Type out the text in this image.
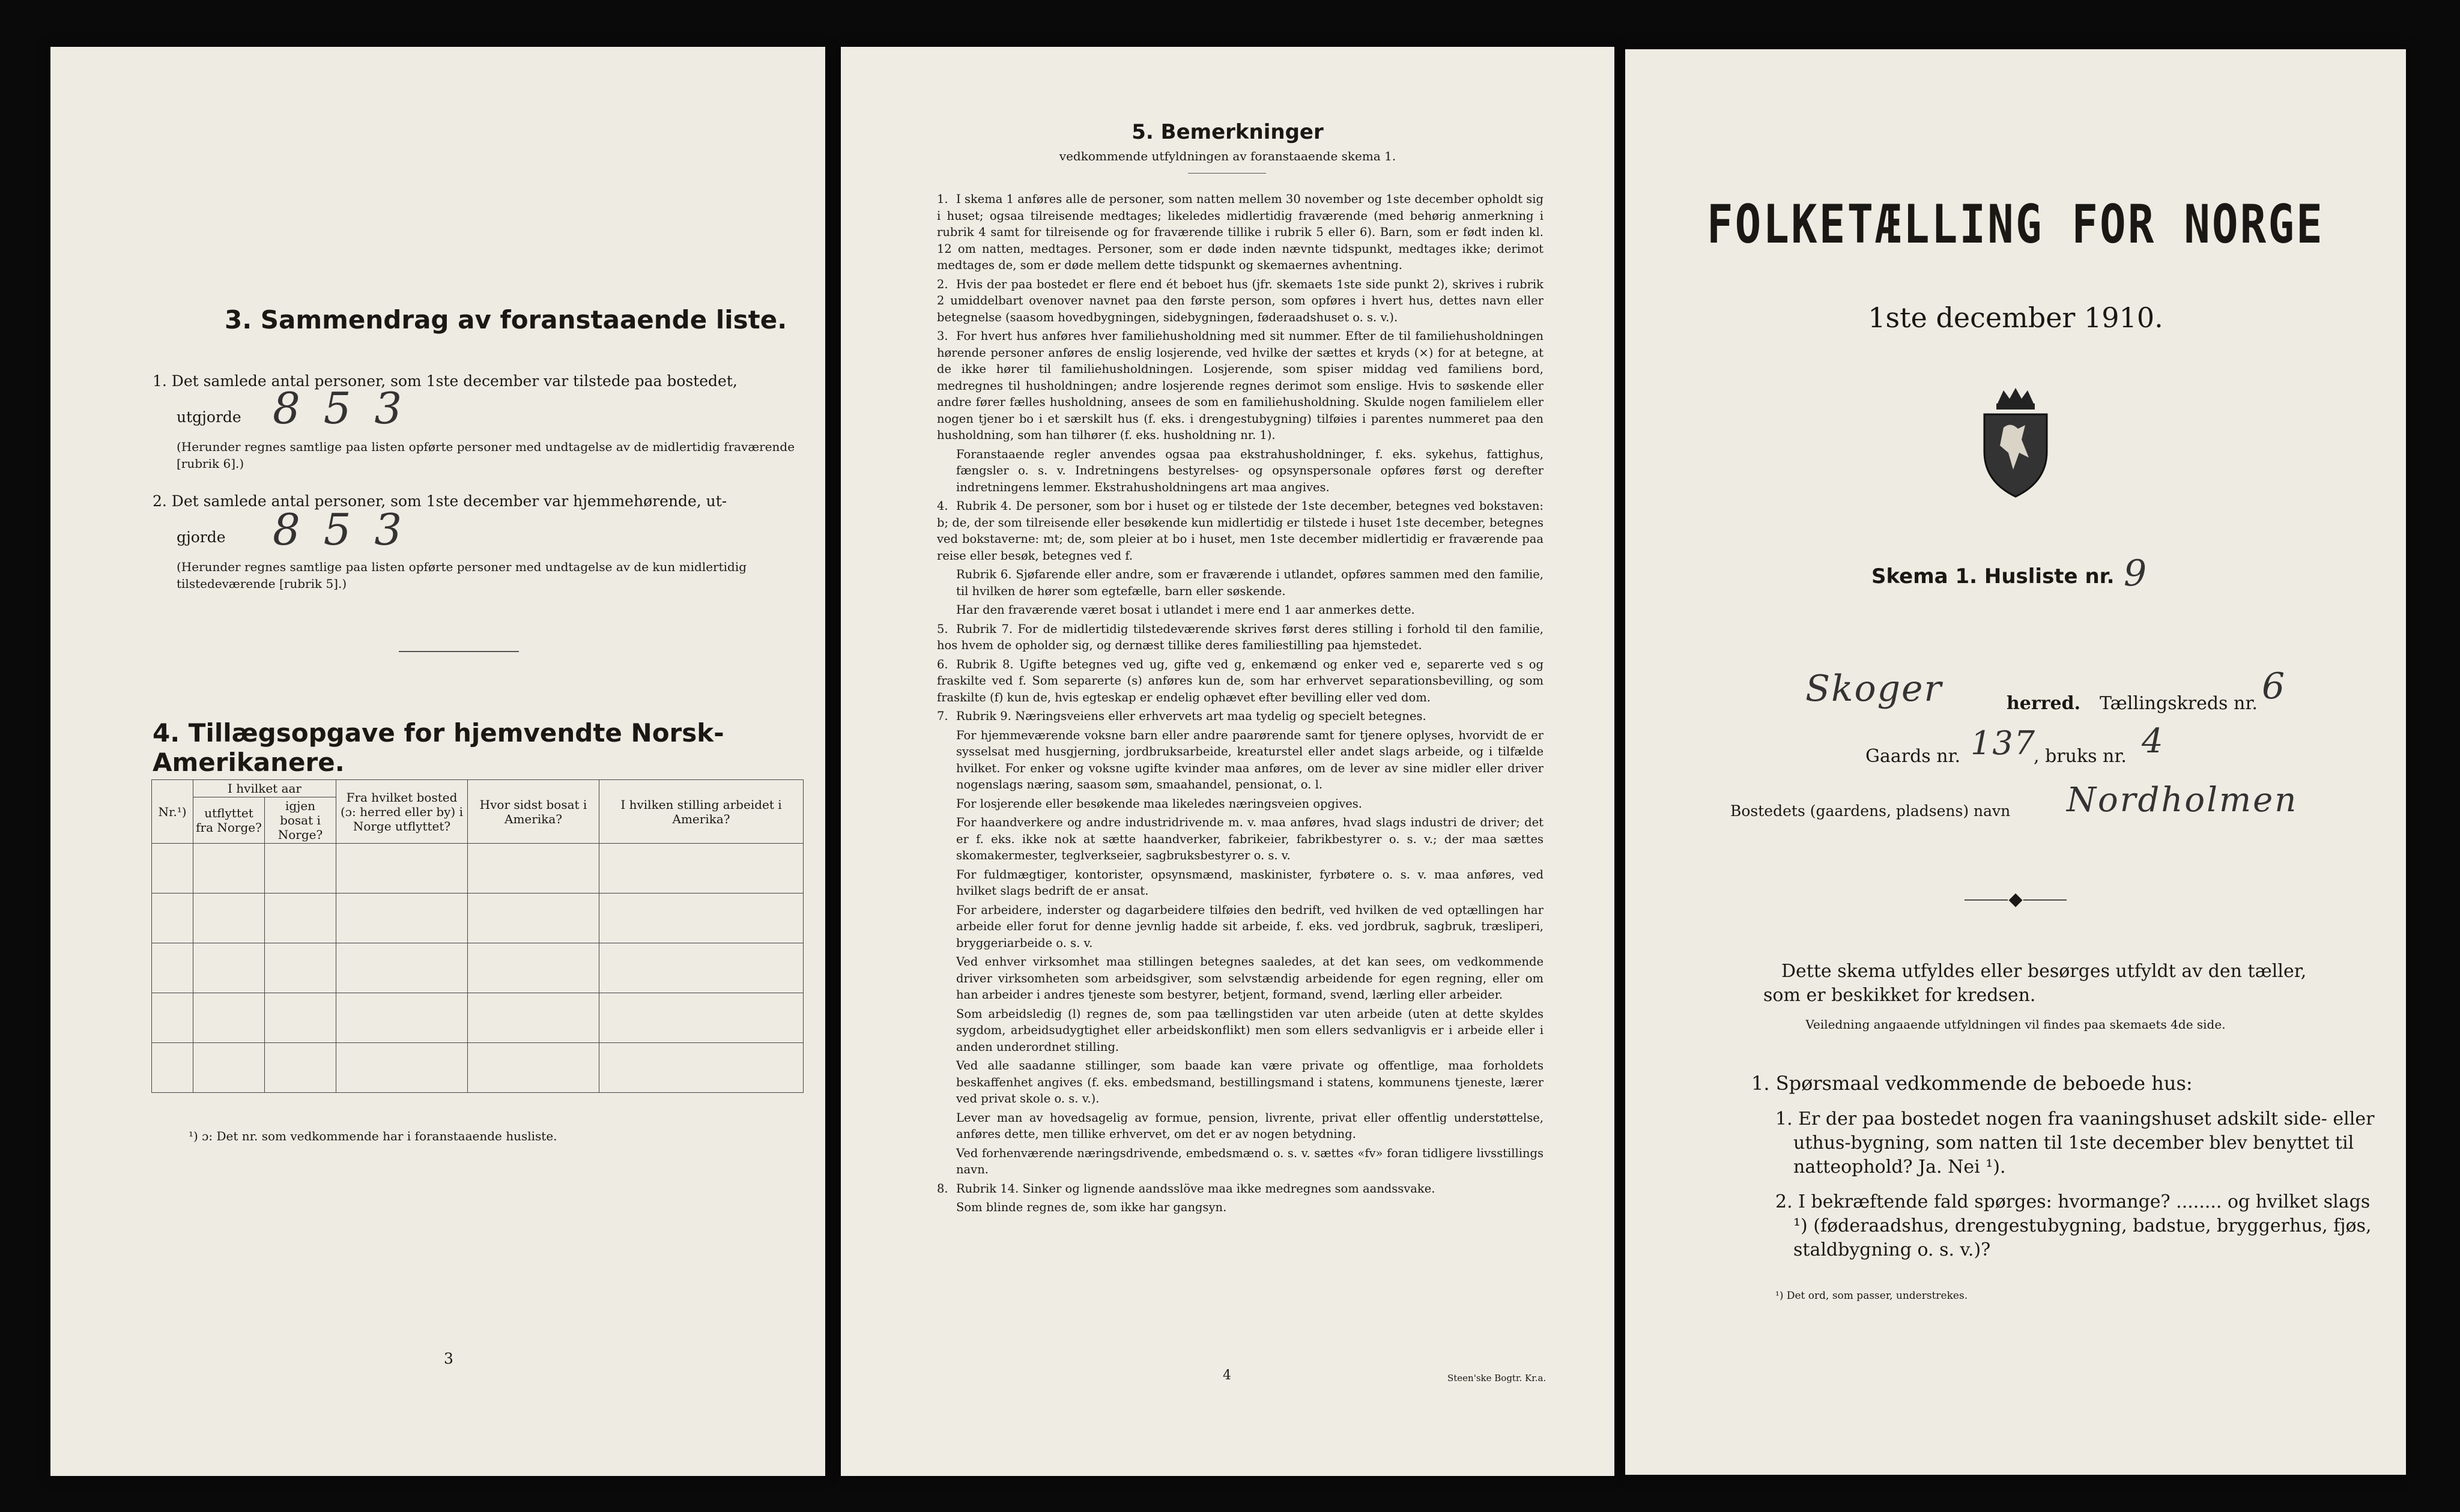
3. Sammendrag av foranstaaende liste.
1. Det samlede antal personer, som 1ste december var tilstede paa bostedet,
utgjorde 8 5 3
(Herunder regnes samtlige paa listen opførte personer med undtagelse av de midlertidig fraværende [rubrik 6].)
2. Det samlede antal personer, som 1ste december var hjemmehørende, ut-
gjorde 8 5 3
(Herunder regnes samtlige paa listen opførte personer med undtagelse av de kun midlertidig tilstedeværende [rubrik 5].)
4. Tillægsopgave for hjemvendte Norsk-Amerikanere.
Nr.¹)	I hvilket aar		Fra hvilket bosted (ɔ: herred eller by) i Norge utflyttet?	Hvor sidst bosat i Amerika?	I hvilken stilling arbeidet i Amerika?
	utflyttet fra Norge?	igjen bosat i Norge?			

¹) ɔ: Det nr. som vedkommende har i foranstaaende husliste.
3
5. Bemerkninger
vedkommende utfyldningen av foranstaaende skema 1.

1. I skema 1 anføres alle de personer, som natten mellem 30 november og 1ste december opholdt sig i huset; ogsaa tilreisende medtages; likeledes midlertidig fraværende (med behørig anmerkning i rubrik 4 samt for tilreisende og for fraværende tillike i rubrik 5 eller 6). Barn, som er født inden kl. 12 om natten, medtages. Personer, som er døde inden nævnte tidspunkt, medtages ikke; derimot medtages de, som er døde mellem dette tidspunkt og skemaernes avhentning.

2. Hvis der paa bostedet er flere end ét beboet hus (jfr. skemaets 1ste side punkt 2), skrives i rubrik 2 umiddelbart ovenover navnet paa den første person, som opføres i hvert hus, dettes navn eller betegnelse (saasom hovedbygningen, sidebygningen, føderaadshuset o. s. v.).

3. For hvert hus anføres hver familiehusholdning med sit nummer. Efter de til familiehusholdningen hørende personer anføres de enslig losjerende, ved hvilke der sættes et kryds (×) for at betegne, at de ikke hører til familiehusholdningen. Losjerende, som spiser middag ved familiens bord, medregnes til husholdningen; andre losjerende regnes derimot som enslige. Hvis to søskende eller andre fører fælles husholdning, ansees de som en familiehusholdning. Skulde nogen familielem eller nogen tjener bo i et særskilt hus (f. eks. i drengestubygning) tilføies i parentes nummeret paa den husholdning, som han tilhører (f. eks. husholdning nr. 1).

Foranstaaende regler anvendes ogsaa paa ekstrahusholdninger, f. eks. sykehus, fattighus, fængsler o. s. v. Indretningens bestyrelses- og opsynspersonale opføres først og derefter indretningens lemmer. Ekstrahusholdningens art maa angives.

4. Rubrik 4. De personer, som bor i huset og er tilstede der 1ste december, betegnes ved bokstaven: b; de, der som tilreisende eller besøkende kun midlertidig er tilstede i huset 1ste december, betegnes ved bokstaverne: mt; de, som pleier at bo i huset, men 1ste december midlertidig er fraværende paa reise eller besøk, betegnes ved f.

Rubrik 6. Sjøfarende eller andre, som er fraværende i utlandet, opføres sammen med den familie, til hvilken de hører som egtefælle, barn eller søskende.

Har den fraværende været bosat i utlandet i mere end 1 aar anmerkes dette.

5. Rubrik 7. For de midlertidig tilstedeværende skrives først deres stilling i forhold til den familie, hos hvem de opholder sig, og dernæst tillike deres familiestilling paa hjemstedet.

6. Rubrik 8. Ugifte betegnes ved ug, gifte ved g, enkemænd og enker ved e, separerte ved s og fraskilte ved f. Som separerte (s) anføres kun de, som har erhvervet separationsbevilling, og som fraskilte (f) kun de, hvis egteskap er endelig ophævet efter bevilling eller ved dom.

7. Rubrik 9. Næringsveiens eller erhvervets art maa tydelig og specielt betegnes.

For hjemmeværende voksne barn eller andre paarørende samt for tjenere oplyses, hvorvidt de er sysselsat med husgjerning, jordbruksarbeide, kreaturstel eller andet slags arbeide, og i tilfælde hvilket. For enker og voksne ugifte kvinder maa anføres, om de lever av sine midler eller driver nogenslags næring, saasom søm, smaahandel, pensionat, o. l.

For losjerende eller besøkende maa likeledes næringsveien opgives.

For haandverkere og andre industridrivende m. v. maa anføres, hvad slags industri de driver; det er f. eks. ikke nok at sætte haandverker, fabrikeier, fabrikbestyrer o. s. v.; der maa sættes skomakermester, teglverkseier, sagbruksbestyrer o. s. v.

For fuldmægtiger, kontorister, opsynsmænd, maskinister, fyrbøtere o. s. v. maa anføres, ved hvilket slags bedrift de er ansat.

For arbeidere, inderster og dagarbeidere tilføies den bedrift, ved hvilken de ved optællingen har arbeide eller forut for denne jevnlig hadde sit arbeide, f. eks. ved jordbruk, sagbruk, træsliperi, bryggeriarbeide o. s. v.

Ved enhver virksomhet maa stillingen betegnes saaledes, at det kan sees, om vedkommende driver virksomheten som arbeidsgiver, som selvstændig arbeidende for egen regning, eller om han arbeider i andres tjeneste som bestyrer, betjent, formand, svend, lærling eller arbeider.

Som arbeidsledig (l) regnes de, som paa tællingstiden var uten arbeide (uten at dette skyldes sygdom, arbeidsudygtighet eller arbeidskonflikt) men som ellers sedvanligvis er i arbeide eller i anden underordnet stilling.

Ved alle saadanne stillinger, som baade kan være private og offentlige, maa forholdets beskaffenhet angives (f. eks. embedsmand, bestillingsmand i statens, kommunens tjeneste, lærer ved privat skole o. s. v.).

Lever man av hovedsagelig av formue, pension, livrente, privat eller offentlig understøttelse, anføres dette, men tillike erhvervet, om det er av nogen betydning.

Ved forhenværende næringsdrivende, embedsmænd o. s. v. sættes «fv» foran tidligere livsstillings navn.

8. Rubrik 14. Sinker og lignende aandsslöve maa ikke medregnes som aandssvake.

Som blinde regnes de, som ikke har gangsyn.

4	Steen'ske Bogtr. Kr.a.
FOLKETÆLLING FOR NORGE
1ste december 1910.
Skema 1. Husliste nr. 9
Skoger	herred. Tællingskreds nr. 6
Gaards nr. 137
, bruks nr. 4
Bostedets (gaardens, pladsens) navn Nordholmen
⸻◆⸻
Dette skema utfyldes eller besørges utfyldt av den tæller, som er beskikket for kredsen.
Veiledning angaaende utfyldningen vil findes paa skemaets 4de side.
1. Spørsmaal vedkommende de beboede hus:
1. Er der paa bostedet nogen fra vaaningshuset adskilt side- eller uthus-bygning, som natten til 1ste december blev benyttet til natteophold? Ja. Nei ¹).
2. I bekræftende fald spørges: hvormange? ........ og hvilket slags ¹) (føderaadshus, drengestubygning, badstue, bryggerhus, fjøs, staldbygning o. s. v.)?
¹) Det ord, som passer, understrekes.
